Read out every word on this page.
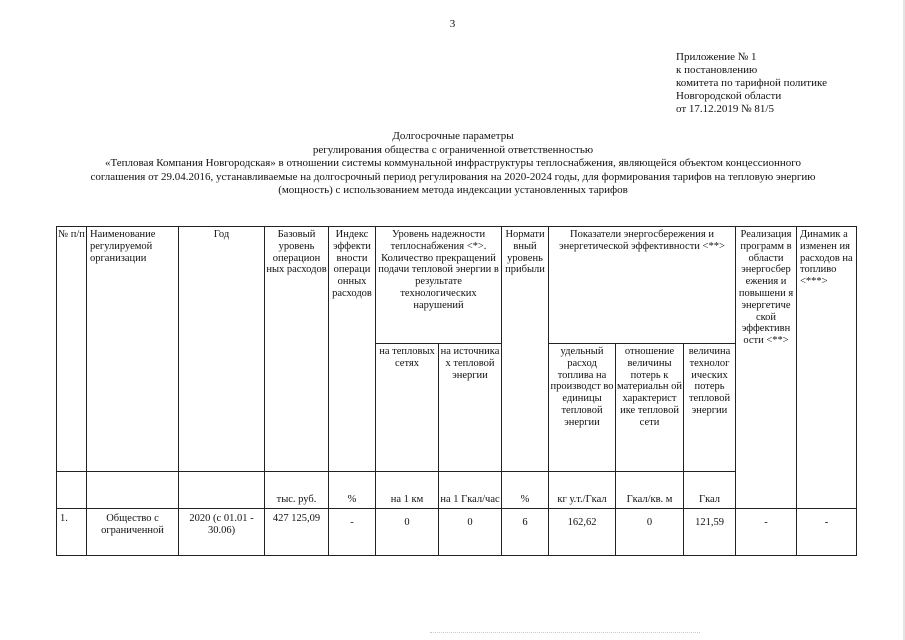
3
Приложение № 1
к постановлению
комитета по тарифной политике
Новгородской области
от 17.12.2019 № 81/5
Долгосрочные параметры
регулирования общества с ограниченной ответственностью
«Тепловая Компания Новгородская» в отношении системы коммунальной инфраструктуры теплоснабжения, являющейся объектом концессионного
соглашения от 29.04.2016, устанавливаемые на долгосрочный период регулирования на 2020-2024 годы, для формирования тарифов на тепловую энергию
(мощность) с использованием метода индексации установленных тарифов
№ п/п	Наименование регулируемой организации	Год	Базовый уровень операцион ных расходов	Индекс эффекти вности операци онных расходов	Уровень надежности теплоснабжения <*>. Количество прекращений подачи тепловой энергии в результате технологических нарушений		Нормати вный уровень прибыли	Показатели энергосбережения и энергетической эффективности <**>			Реализация программ в области энергосбер ежения и повышени я энергетиче ской эффективн ости <**>	Динамик а изменен ия расходов на топливо <***>
					на тепловых сетях	на источника х тепловой энергии		удельный расход топлива на производст во единицы тепловой энергии	отношение величины потерь к материальн ой характерист ике тепловой сети	величина технолог ических потерь тепловой энергии		
			тыс. руб.	%	на 1 км	на 1 Гкал/час	%	кг у.т./Гкал	Гкал/кв. м	Гкал		
1.	Общество с ограниченной	2020 (с 01.01 - 30.06)	427 125,09	-	0	0	6	162,62	0	121,59	-	-
